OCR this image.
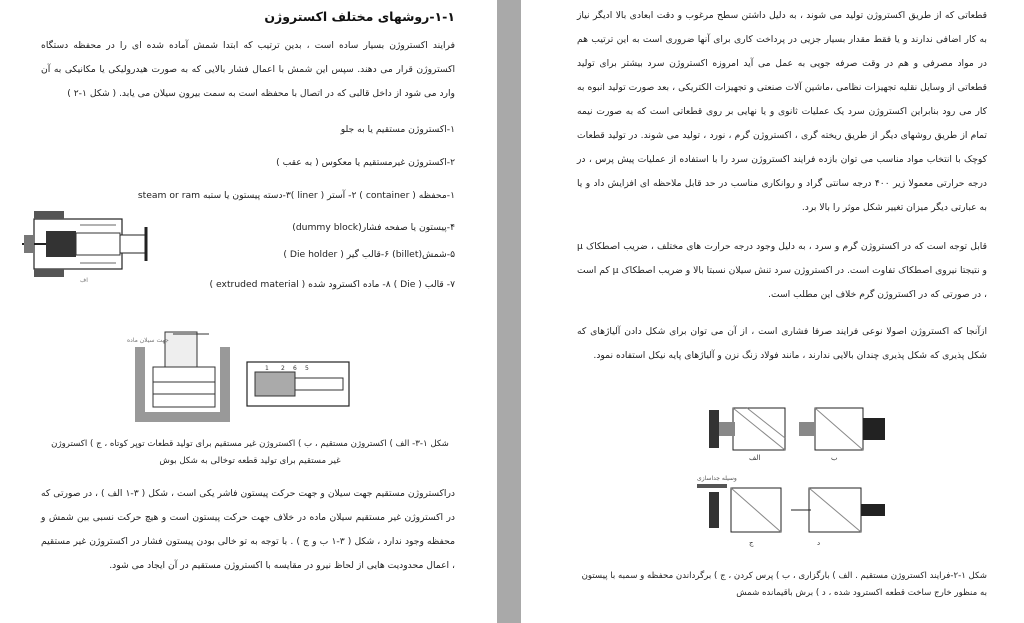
۱-۱-روشهای مختلف اکستروژن
فرایند اکستروژن بسیار ساده است ، بدین ترتیب که ابتدا شمش آماده شده ای را در محفظه دستگاه اکستروژن قرار می دهند. سپس این شمش با اعمال فشار بالایی که به صورت هیدرولیکی یا مکانیکی به آن وارد می شود از داخل قالبی که در اتصال با محفظه است به سمت بیرون سیلان می یابد. ( شکل ۱-۲ )
۱-اکستروژن مستقیم یا به جلو
۲-اکستروژن غیرمستقیم یا معکوس ( به عقب )
۱-محفظه ( container ) ۲- آستر ( liner )۳-دسته پیستون یا ستبه steam or ram
۴-پیستون یا صفحه فشار(dummy block)
۵-شمش(billet) ۶-قالب گیر ( Die holder )
۷- قالب ( Die ) ۸- ماده اکسترود شده ( extruded material )
اف
جهت سیلان ماده
1 2 6 5
شکل ۱-۳- الف ) اکستروژن مستقیم ، ب ) اکستروژن غیر مستقیم برای تولید قطعات توپر کوتاه ، ج ) اکستروژن غیر مستقیم برای تولید قطعه توخالی به شکل بوش
دراکستروژن مستقیم جهت سیلان و جهت حرکت پیستون فاشر یکی است ، شکل ( ۳-۱ الف ) ، در صورتی که در اکستروژن غیر مستقیم سیلان ماده در خلاف جهت حرکت پیستون است و هیچ حرکت نسبی بین شمش و محفظه وجود ندارد ، شکل ( ۳-۱ ب و ج ) . با توجه به تو خالی بودن پیستون فشار در اکستروژن غیر مستقیم ، اعمال محدودیت هایی از لحاظ نیرو در مقایسه با اکستروژن مستقیم در آن ایجاد می شود.
قطعاتی که از طریق اکستروژن تولید می شوند ، به دلیل داشتن سطح مرغوب و دقت ابعادی بالا ادیگر نیاز به کار اضافی ندارند و یا فقط مقدار بسیار جزیی در پرداخت کاری برای آنها ضروری است به این ترتیب هم در مواد مصرفی و هم در وقت صرفه جویی به عمل می آید امروزه اکستروژن سرد بیشتر برای تولید قطعاتی از وسایل نقلیه تجهیزات نظامی ،ماشین آلات صنعتی و تجهیزات الکتریکی ، بعد صورت تولید انبوه به کار می رود بنابراین اکستروژن سرد یک عملیات ثانوی و یا نهایی بر روی قطعاتی است که به صورت نیمه تمام از طریق روشهای دیگر از طریق ریخته گری ، اکستروژن گرم ، نورد ، تولید می شوند. در تولید قطعات کوچک با انتخاب مواد مناسب می توان بازده فرایند اکستروژن سرد را با استفاده از عملیات پیش پرس ، در درجه حرارتی معمولا زیر ۴۰۰ درجه سانتی گراد و روانکاری مناسب در حد قابل ملاحظه ای افزایش داد و یا به عبارتی دیگر میزان تغییر شکل موثر را بالا برد.
قابل توجه است که در اکستروژن گرم و سرد ، به دلیل وجود درجه حرارت های مختلف ، ضریب اصطکاک μ و نتیجتا نیروی اصطکاک تفاوت است. در اکستروژن سرد تنش سیلان نسبتا بالا و ضریب اصطکاک μ کم است ، در صورتی که در اکستروژن گرم خلاف این مطلب است.
ازآنجا که اکستروژن اصولا نوعی فرایند صرفا فشاری است ، از آن می توان برای شکل دادن آلیاژهای که شکل پذیری که شکل پذیری چندان بالایی ندارند ، مانند فولاد زنگ نزن و آلیاژهای پایه نیکل استفاده نمود.
الف	ب
وسیله جداسازی
ج	د
شکل ۱-۲-فرایند اکستروژن مستقیم . الف ) بارگزاری ، ب ) پرس کردن ، ج ) برگرداندن محفظه و سمبه با پیستون به منظور خارج ساخت قطعه اکسترود شده ، د ) برش باقیمانده شمش
